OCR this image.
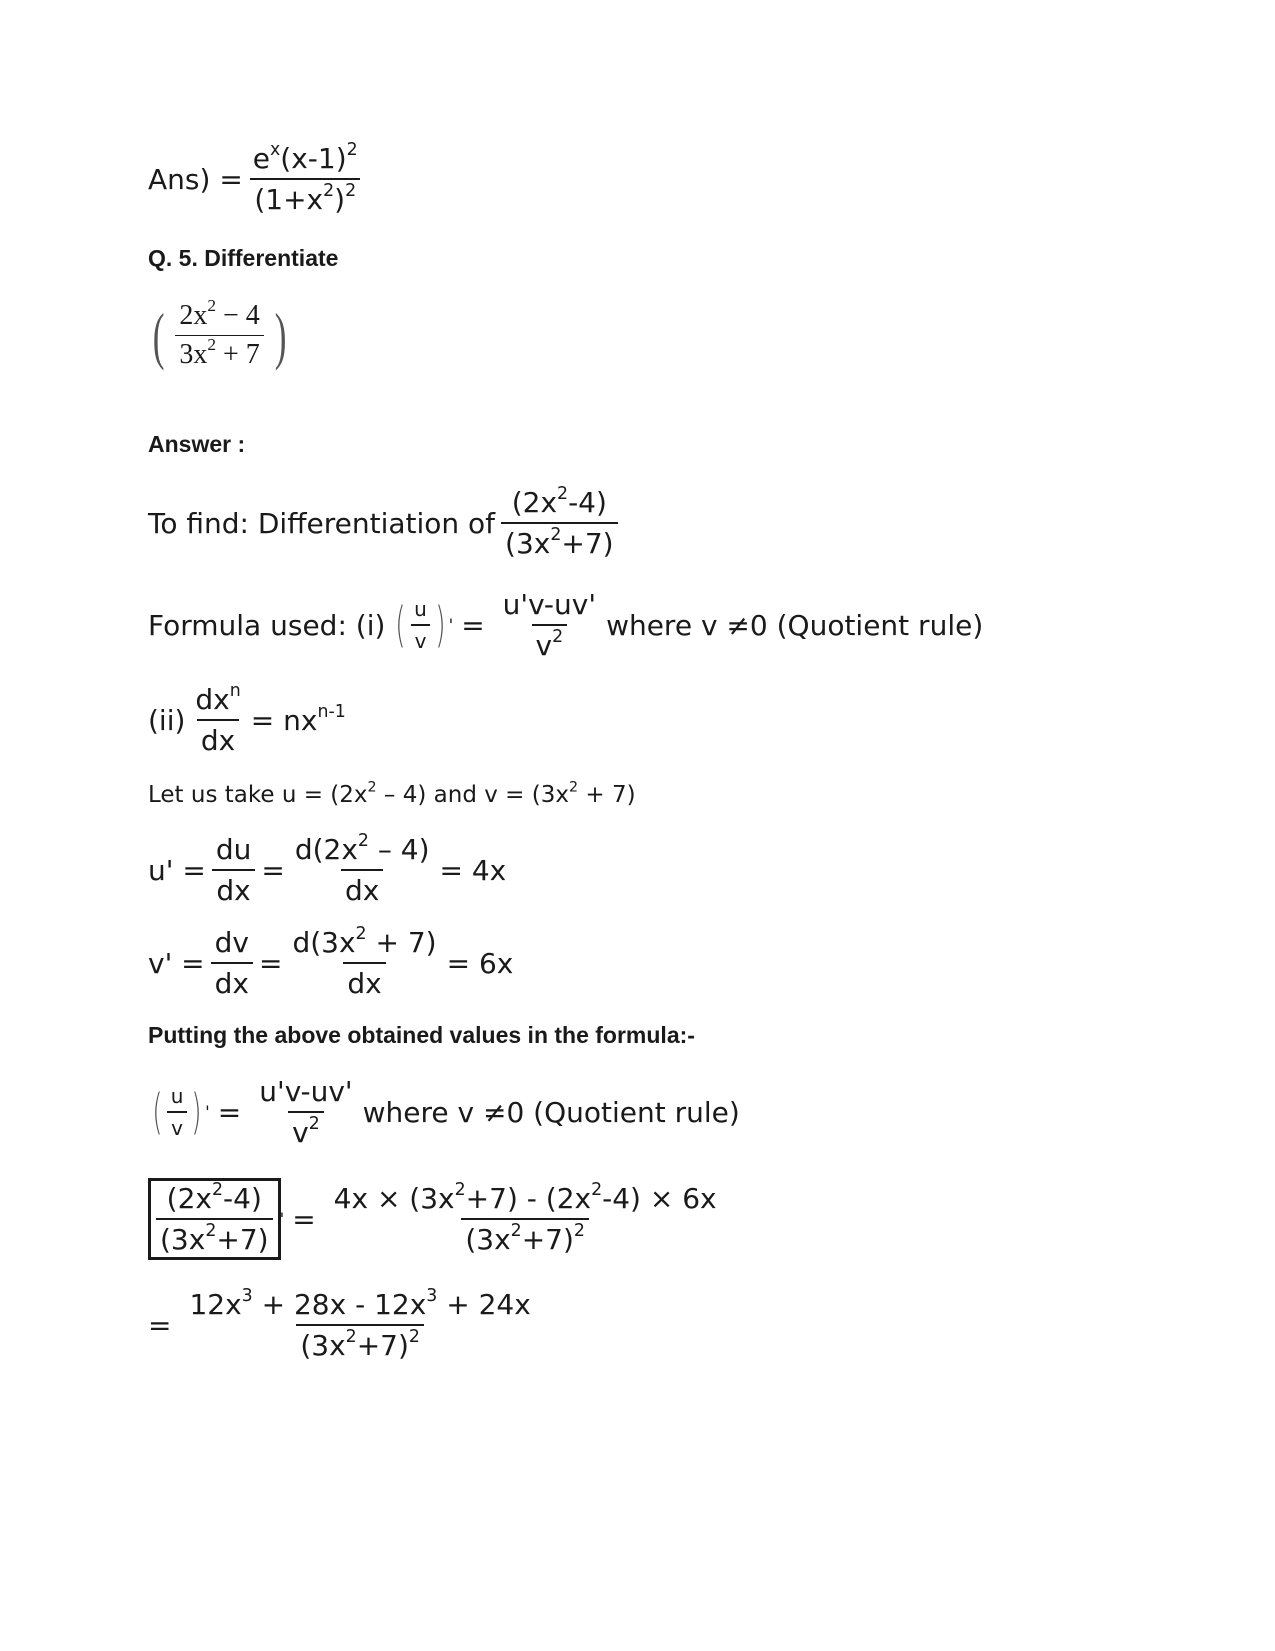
$Ans) = \frac{e^x(x-1)^2}{(1+x^2)^2}$
Q. 5. Differentiate
( $\frac{2x^2 - 4}{3x^2 + 7}$ )
Answer :
To find: Differentiation of $\frac{(2x^2-4)}{(3x^2+7)}$
Formula used: (i) ( $\frac{u}{v}$ ) ' = $\frac{u'v-uv'}{v^2}$ where v ≠0 (Quotient rule)
$(ii) \frac{dx^n}{dx} = nx^{n-1}$
Let us take $u = (2x^2 - 4)$ and $v = (3x^2 + 7)$
$u' = \frac{du}{dx} = \frac{d(2x^2 - 4)}{dx} = 4x$
$v' = \frac{dv}{dx} = \frac{d(3x^2 + 7)}{dx} = 6x$
Putting the above obtained values in the formula:-
( $\frac{u}{v}$ ) ' = $\frac{u'v-uv'}{v^2}$ where v ≠0 (Quotient rule)
$\frac{(2x^2-4)}{(3x^2+7)}$ ' = $\frac{4x \times (3x^2+7) - (2x^2-4) \times 6x}{(3x^2+7)^2}$
= $\frac{12x^3 + 28x - 12x^3 + 24x}{(3x^2+7)^2}$
